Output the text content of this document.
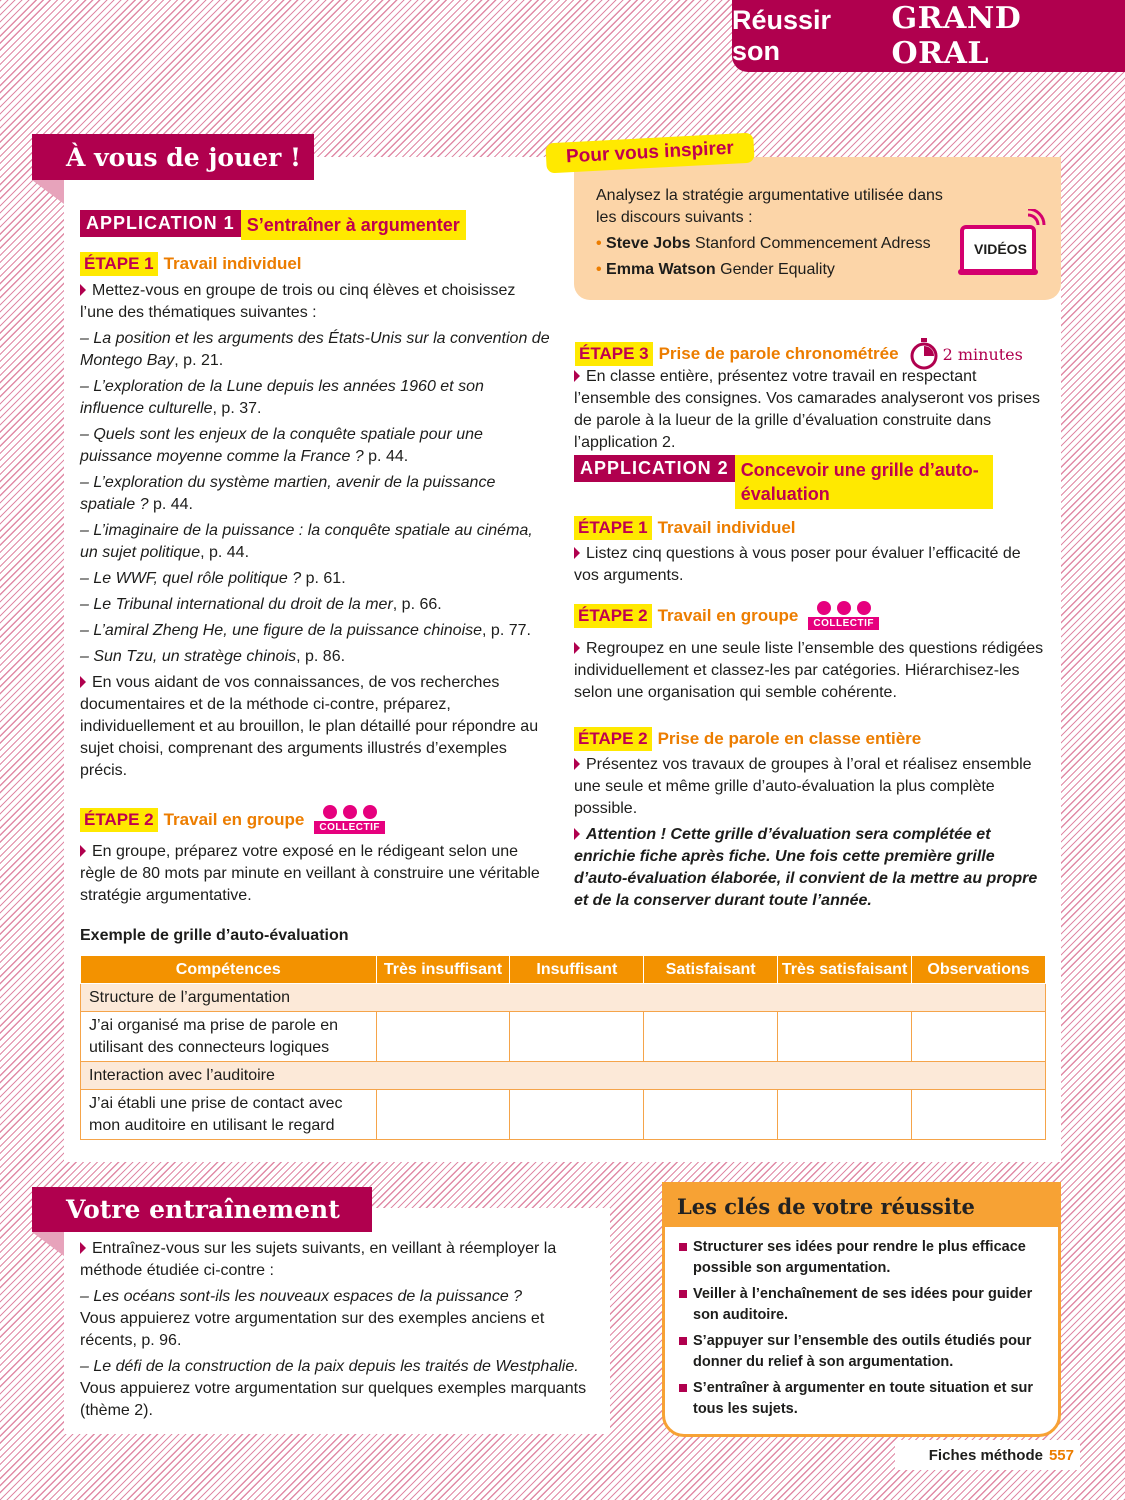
Réussir son
GRAND ORAL
À vous de jouer !
APPLICATION 1 S’entraîner à argumenter
ÉTAPE 1 Travail individuel

Mettez-vous en groupe de trois ou cinq élèves et choisissez l’une des thématiques suivantes :

– La position et les arguments des États-Unis sur la convention de Montego Bay, p. 21.

– L’exploration de la Lune depuis les années 1960 et son influence culturelle, p. 37.

– Quels sont les enjeux de la conquête spatiale pour une puissance moyenne comme la France ? p. 44.

– L’exploration du système martien, avenir de la puissance spatiale ? p. 44.

– L’imaginaire de la puissance : la conquête spatiale au cinéma, un sujet politique, p. 44.

– Le WWF, quel rôle politique ? p. 61.

– Le Tribunal international du droit de la mer, p. 66.

– L’amiral Zheng He, une figure de la puissance chinoise, p. 77.

– Sun Tzu, un stratège chinois, p. 86.

En vous aidant de vos connaissances, de vos recherches documentaires et de la méthode ci-contre, préparez, individuellement et au brouillon, le plan détaillé pour répondre au sujet choisi, comprenant des arguments illustrés d’exemples précis.

ÉTAPE 2 Travail en groupe	COLLECTIF

En groupe, préparez votre exposé en le rédigeant selon une règle de 80 mots par minute en veillant à construire une véritable stratégie argumentative.

Analysez la stratégie argumentative utilisée dans les discours suivants :

• Steve Jobs Stanford Commencement Adress

• Emma Watson Gender Equality

VIDÉOS
Pour vous inspirer
ÉTAPE 3 Prise de parole chronométrée	2 minutes

En classe entière, présentez votre travail en respectant l’ensemble des consignes. Vos camarades analyseront vos prises de parole à la lueur de la grille d’évaluation construite dans l’application 2.

APPLICATION 2 Concevoir une grille d’auto-évaluation
ÉTAPE 1 Travail individuel

Listez cinq questions à vous poser pour évaluer l’efficacité de vos arguments.

ÉTAPE 2 Travail en groupe	COLLECTIF

Regroupez en une seule liste l’ensemble des questions rédigées individuellement et classez-les par catégories. Hiérarchisez-les selon une organisation qui semble cohérente.

ÉTAPE 2 Prise de parole en classe entière

Présentez vos travaux de groupes à l’oral et réalisez ensemble une seule et même grille d’auto-évaluation la plus complète possible.

Attention ! Cette grille d’évaluation sera complétée et enrichie fiche après fiche. Une fois cette première grille d’auto-évaluation élaborée, il convient de la mettre au propre et de la conserver durant toute l’année.

Exemple de grille d’auto-évaluation
Compétences	Très insuffisant	Insuffisant	Satisfaisant	Très satisfaisant	Observations
Structure de l’argumentation					
J’ai organisé ma prise de parole en utilisant des connecteurs logiques					
Interaction avec l’auditoire					
J’ai établi une prise de contact avec mon auditoire en utilisant le regard					
Votre entraînement

Entraînez-vous sur les sujets suivants, en veillant à réemployer la méthode étudiée ci-contre :

– Les océans sont-ils les nouveaux espaces de la puissance ?

Vous appuierez votre argumentation sur des exemples anciens et récents, p. 96.

– Le défi de la construction de la paix depuis les traités de Westphalie.

Vous appuierez votre argumentation sur quelques exemples marquants (thème 2).

Les clés de votre réussite
Structurer ses idées pour rendre le plus efficace possible son argumentation.
Veiller à l’enchaînement de ses idées pour guider son auditoire.
S’appuyer sur l’ensemble des outils étudiés pour donner du relief à son argumentation.
S’entraîner à argumenter en toute situation et sur tous les sujets.
Fiches méthode 557
